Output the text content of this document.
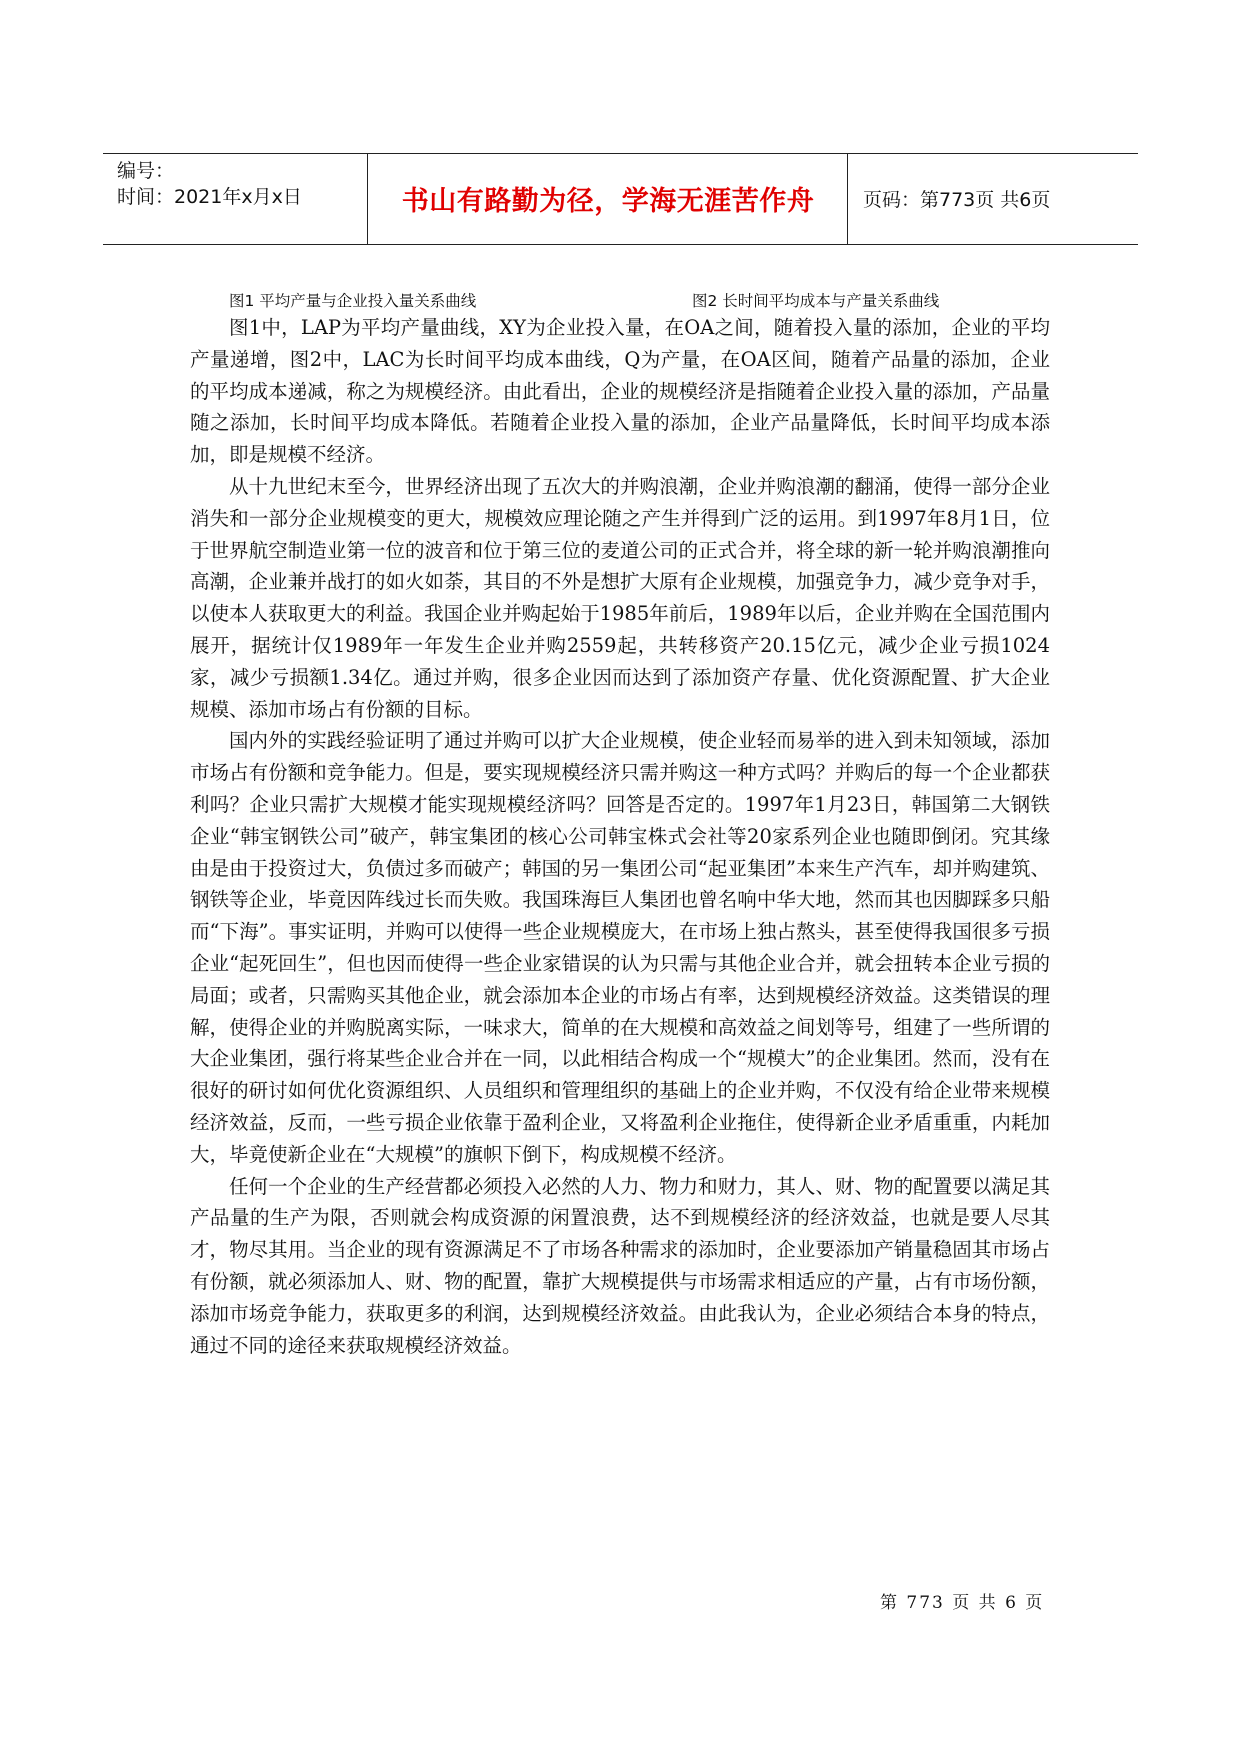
编号：
时间：2021年x月x日	书山有路勤为径，学海无涯苦作舟	页码：第773页 共6页
图1 平均产量与企业投入量关系曲线	图2 长时间平均成本与产量关系曲线

图1中，LAP为平均产量曲线，XY为企业投入量，在OA之间，随着投入量的添加，企业的平均产量递增，图2中，LAC为长时间平均成本曲线，Q为产量，在OA区间，随着产品量的添加，企业的平均成本递减，称之为规模经济。由此看出，企业的规模经济是指随着企业投入量的添加，产品量随之添加，长时间平均成本降低。若随着企业投入量的添加，企业产品量降低，长时间平均成本添加，即是规模不经济。

从十九世纪末至今，世界经济出现了五次大的并购浪潮，企业并购浪潮的翻涌，使得一部分企业消失和一部分企业规模变的更大，规模效应理论随之产生并得到广泛的运用。到1997年8月1日，位于世界航空制造业第一位的波音和位于第三位的麦道公司的正式合并，将全球的新一轮并购浪潮推向高潮，企业兼并战打的如火如荼，其目的不外是想扩大原有企业规模，加强竞争力，减少竞争对手，以使本人获取更大的利益。我国企业并购起始于1985年前后，1989年以后，企业并购在全国范围内展开，据统计仅1989年一年发生企业并购2559起，共转移资产20.15亿元，减少企业亏损1024家，减少亏损额1.34亿。通过并购，很多企业因而达到了添加资产存量、优化资源配置、扩大企业规模、添加市场占有份额的目标。

国内外的实践经验证明了通过并购可以扩大企业规模，使企业轻而易举的进入到未知领域，添加市场占有份额和竞争能力。但是，要实现规模经济只需并购这一种方式吗？并购后的每一个企业都获利吗？企业只需扩大规模才能实现规模经济吗？回答是否定的。1997年1月23日，韩国第二大钢铁企业“韩宝钢铁公司”破产，韩宝集团的核心公司韩宝株式会社等20家系列企业也随即倒闭。究其缘由是由于投资过大，负债过多而破产；韩国的另一集团公司“起亚集团”本来生产汽车，却并购建筑、钢铁等企业，毕竟因阵线过长而失败。我国珠海巨人集团也曾名响中华大地，然而其也因脚踩多只船而“下海”。事实证明，并购可以使得一些企业规模庞大，在市场上独占熬头，甚至使得我国很多亏损企业“起死回生”，但也因而使得一些企业家错误的认为只需与其他企业合并，就会扭转本企业亏损的局面；或者，只需购买其他企业，就会添加本企业的市场占有率，达到规模经济效益。这类错误的理解，使得企业的并购脱离实际，一味求大，简单的在大规模和高效益之间划等号，组建了一些所谓的大企业集团，强行将某些企业合并在一同，以此相结合构成一个“规模大”的企业集团。然而，没有在很好的研讨如何优化资源组织、人员组织和管理组织的基础上的企业并购，不仅没有给企业带来规模经济效益，反而，一些亏损企业依靠于盈利企业，又将盈利企业拖住，使得新企业矛盾重重，内耗加大，毕竟使新企业在“大规模”的旗帜下倒下，构成规模不经济。

任何一个企业的生产经营都必须投入必然的人力、物力和财力，其人、财、物的配置要以满足其产品量的生产为限，否则就会构成资源的闲置浪费，达不到规模经济的经济效益，也就是要人尽其才，物尽其用。当企业的现有资源满足不了市场各种需求的添加时，企业要添加产销量稳固其市场占有份额，就必须添加人、财、物的配置，靠扩大规模提供与市场需求相适应的产量，占有市场份额，添加市场竞争能力，获取更多的利润，达到规模经济效益。由此我认为，企业必须结合本身的特点，通过不同的途径来获取规模经济效益。

第 773 页 共 6 页
